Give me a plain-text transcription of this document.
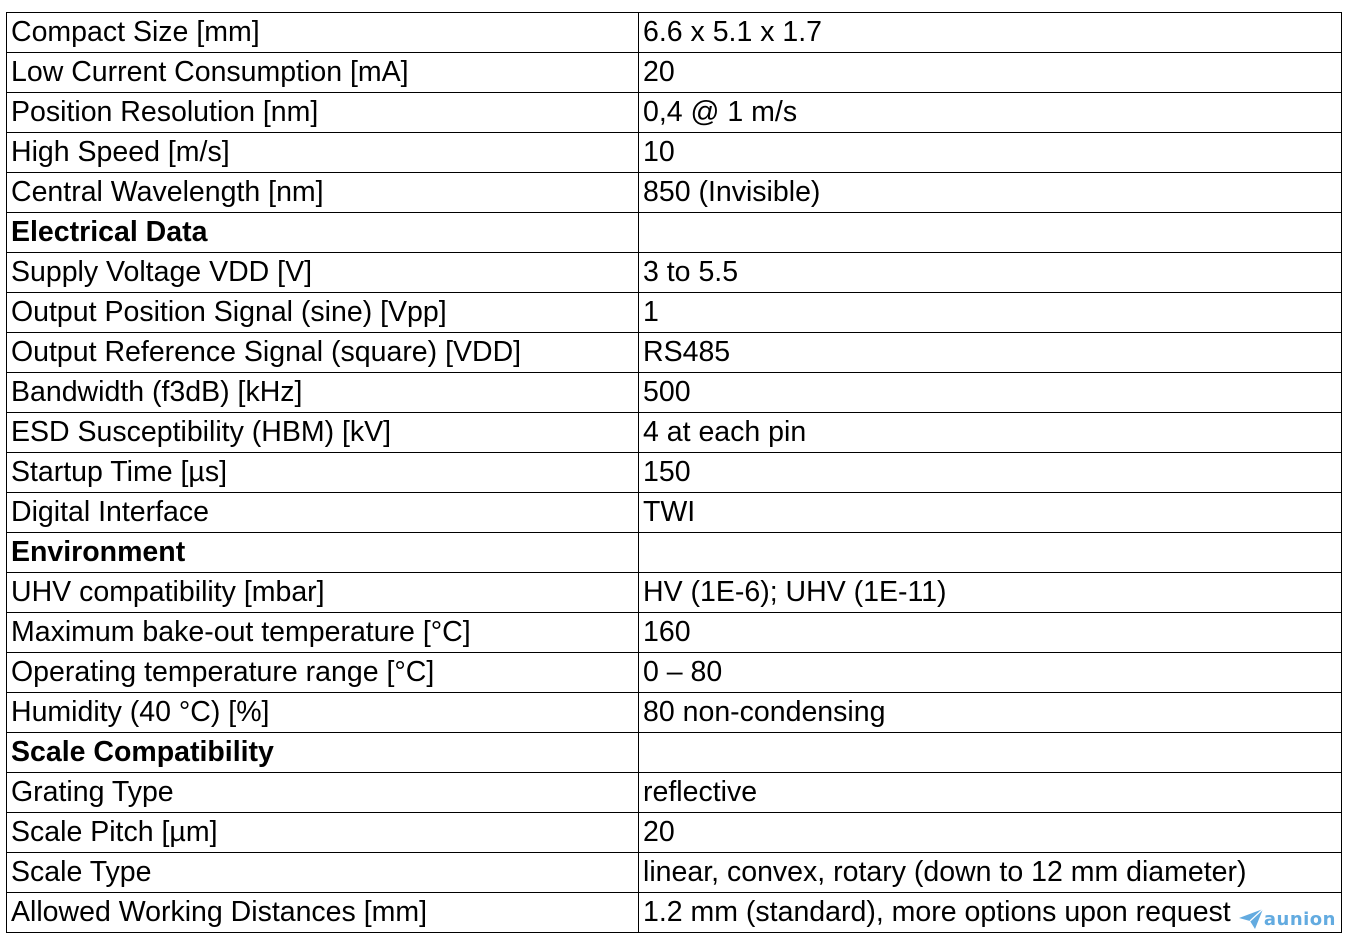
Compact Size [mm]	6.6 x 5.1 x 1.7
Low Current Consumption [mA]	20
Position Resolution [nm]	0,4 @ 1 m/s
High Speed [m/s]	10
Central Wavelength [nm]	850 (Invisible)
Electrical Data	
Supply Voltage VDD [V]	3 to 5.5
Output Position Signal (sine) [Vpp]	1
Output Reference Signal (square) [VDD]	RS485
Bandwidth (f3dB) [kHz]	500
ESD Susceptibility (HBM) [kV]	4 at each pin
Startup Time [µs]	150
Digital Interface	TWI
Environment	
UHV compatibility [mbar]	HV (1E-6); UHV (1E-11)
Maximum bake-out temperature [°C]	160
Operating temperature range [°C]	0 – 80
Humidity (40 °C) [%]	80 non-condensing
Scale Compatibility	
Grating Type	reflective
Scale Pitch [µm]	20
Scale Type	linear, convex, rotary (down to 12 mm diameter)
Allowed Working Distances [mm]	1.2 mm (standard), more options upon request aunion
